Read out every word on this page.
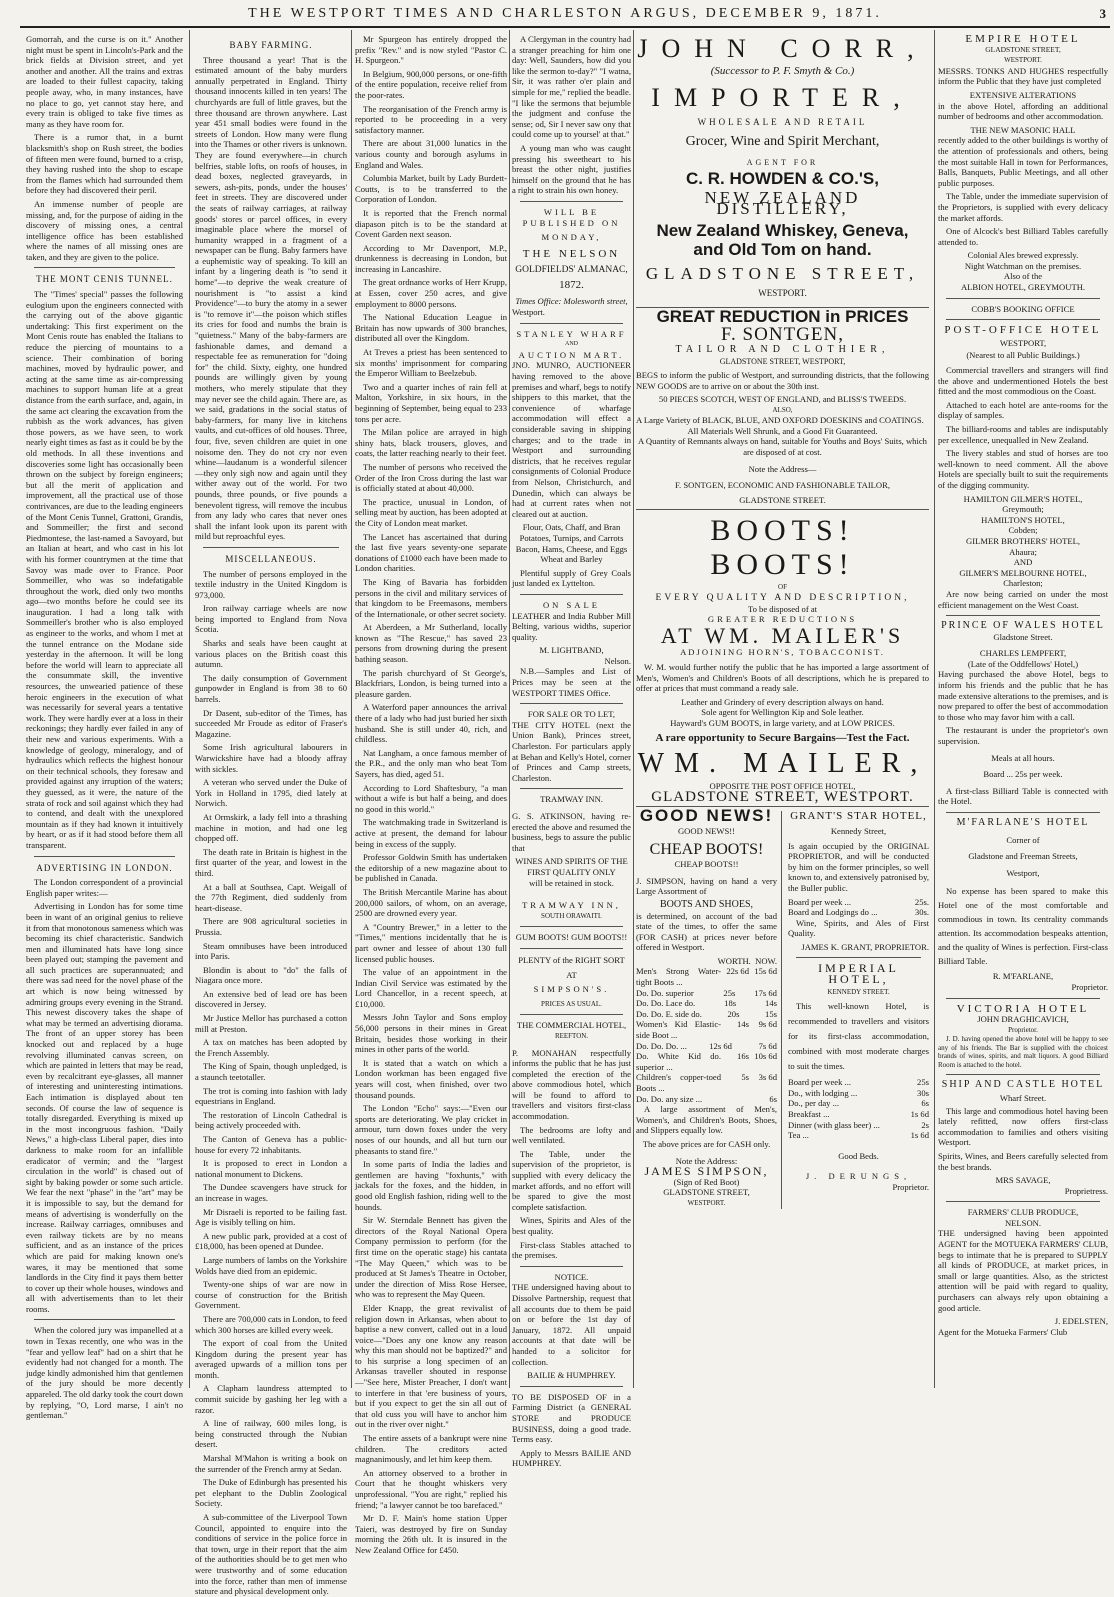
THE WESTPORT TIMES AND CHARLESTON ARGUS, DECEMBER 9, 1871.	3

Gomorrah, and the curse is on it." Another night must be spent in Lincoln's-Park and the brick fields at Division street, and yet another and another. All the trains and extras are loaded to their fullest capacity, taking people away, who, in many instances, have no place to go, yet cannot stay here, and every train is obliged to take five times as many as they have room for.

There is a rumor that, in a burnt blacksmith's shop on Rush street, the bodies of fifteen men were found, burned to a crisp, they having rushed into the shop to escape from the flames which had surrounded them before they had discovered their peril.

An immense number of people are missing, and, for the purpose of aiding in the discovery of missing ones, a central intelligence office has been established where the names of all missing ones are taken, and they are given to the police.

THE MONT CENIS TUNNEL.

The "Times' special" passes the following eulogium upon the engineers connected with the carrying out of the above gigantic undertaking: This first experiment on the Mont Cenis route has enabled the Italians to reduce the piercing of mountains to a science. Their combination of boring machines, moved by hydraulic power, and acting at the same time as air-compressing machines to support human life at a great distance from the earth surface, and, again, in the same act clearing the excavation from the rubbish as the work advances, has given those powers, as we have seen, to work nearly eight times as fast as it could be by the old methods. In all these inventions and discoveries some light has occasionally been thrown on the subject by foreign engineers; but all the merit of application and improvement, all the practical use of those contrivances, are due to the leading engineers of the Mont Cenis Tunnel, Grattoni, Grandis, and Sommeiller; the first and second Piedmontese, the last-named a Savoyard, but an Italian at heart, and who cast in his lot with his former countrymen at the time that Savoy was made over to France. Poor Sommeiller, who was so indefatigable throughout the work, died only two months ago—two months before he could see its inauguration. I had a long talk with Sommeiller's brother who is also employed as engineer to the works, and whom I met at the tunnel entrance on the Modane side yesterday in the afternoon. It will be long before the world will learn to appreciate all the consummate skill, the inventive resources, the unwearied patience of these heroic engineers in the execution of what was necessarily for several years a tentative work. They were hardly ever at a loss in their reckonings; they hardly ever failed in any of their new and various experiments. With a knowledge of geology, mineralogy, and of hydraulics which reflects the highest honour on their technical schools, they foresaw and provided against any irruption of the waters; they guessed, as it were, the nature of the strata of rock and soil against which they had to contend, and dealt with the unexplored mountain as if they had known it intuitively by heart, or as if it had stood before them all transparent.

ADVERTISING IN LONDON.

The London correspondent of a provincial English paper writes:—

Advertising in London has for some time been in want of an original genius to relieve it from that monotonous sameness which was becoming its chief characteristic. Sandwich men and illuminated hats have long since been played out; stamping the pavement and all such practices are superannuated; and there was sad need for the novel phase of the art which is now being witnessed by admiring groups every evening in the Strand. This newest discovery takes the shape of what may be termed an advertising diorama. The front of an upper storey has been knocked out and replaced by a huge revolving illuminated canvas screen, on which are painted in letters that may be read, even by recalcitrant eye-glasses, all manner of interesting and uninteresting intimations. Each intimation is displayed about ten seconds. Of course the law of sequence is totally disregarded. Everything is mixed up in the most incongruous fashion. "Daily News," a high-class Liberal paper, dies into darkness to make room for an infallible eradicator of vermin; and the "largest circulation in the world" is chased out of sight by baking powder or some such article. We fear the next "phase" in the "art" may be it is impossible to say, but the demand for means of advertising is wonderfully on the increase. Railway carriages, omnibuses and even railway tickets are by no means sufficient, and as an instance of the prices which are paid for making known one's wares, it may be mentioned that some landlords in the City find it pays them better to cover up their whole houses, windows and all with advertisements than to let their rooms.

When the colored jury was impanelled at a town in Texas recently, one who was in the "fear and yellow leaf" had on a shirt that he evidently had not changed for a month. The judge kindly admonished him that gentlemen of the jury should be more decently appareled. The old darky took the court down by replying, "O, Lord marse, I ain't no gentleman."

BABY FARMING.

Three thousand a year! That is the estimated amount of the baby murders annually perpetrated in England. Thirty thousand innocents killed in ten years! The churchyards are full of little graves, but the three thousand are thrown anywhere. Last year 451 small bodies were found in the streets of London. How many were flung into the Thames or other rivers is unknown. They are found everywhere—in church belfries, stable lofts, on roofs of houses, in dead boxes, neglected graveyards, in sewers, ash-pits, ponds, under the houses' feet in streets. They are discovered under the seats of railway carriages, at railway goods' stores or parcel offices, in every imaginable place where the morsel of humanity wrapped in a fragment of a newspaper can be flung. Baby farmers have a euphemistic way of speaking. To kill an infant by a lingering death is "to send it home"—to deprive the weak creature of nourishment is "to assist a kind Providence"—to bury the atomy in a sewer is "to remove it"—the poison which stifles its cries for food and numbs the brain is "quietness." Many of the baby-farmers are fashionable dames, and demand a respectable fee as remuneration for "doing for" the child. Sixty, eighty, one hundred pounds are willingly given by young mothers, who merely stipulate that they may never see the child again. There are, as we said, gradations in the social status of baby-farmers, for many live in kitchens vaults, and cut-offices of old houses. Three, four, five, seven children are quiet in one noisome den. They do not cry nor even whine—laudanum is a wonderful silencer—they only sigh now and again until they wither away out of the world. For two pounds, three pounds, or five pounds a benevolent tigress, will remove the incubus from any lady who cares that never ones shall the infant look upon its parent with mild but reproachful eyes.

MISCELLANEOUS.

The number of persons employed in the textile industry in the United Kingdom is 973,000.

Iron railway carriage wheels are now being imported to England from Nova Scotia.

Sharks and seals have been caught at various places on the British coast this autumn.

The daily consumption of Government gunpowder in England is from 38 to 60 barrels.

Dr Dasent, sub-editor of the Times, has succeeded Mr Froude as editor of Fraser's Magazine.

Some Irish agricultural labourers in Warwickshire have had a bloody affray with sickles.

A veteran who served under the Duke of York in Holland in 1795, died lately at Norwich.

At Ormskirk, a lady fell into a thrashing machine in motion, and had one leg chopped off.

The death rate in Britain is highest in the first quarter of the year, and lowest in the third.

At a ball at Southsea, Capt. Weigall of the 77th Regiment, died suddenly from heart-disease.

There are 908 agricultural societies in Prussia.

Steam omnibuses have been introduced into Paris.

Blondin is about to "do" the falls of Niagara once more.

An extensive bed of lead ore has been discovered in Jersey.

Mr Justice Mellor has purchased a cotton mill at Preston.

A tax on matches has been adopted by the French Assembly.

The King of Spain, though unpledged, is a staunch teetotaller.

The trot is coming into fashion with lady equestrians in England.

The restoration of Lincoln Cathedral is being actively proceeded with.

The Canton of Geneva has a public-house for every 72 inhabitants.

It is proposed to erect in London a national monument to Dickens.

The Dundee scavengers have struck for an increase in wages.

Mr Disraeli is reported to be failing fast. Age is visibly telling on him.

A new public park, provided at a cost of £18,000, has been opened at Dundee.

Large numbers of lambs on the Yorkshire Wolds have died from an epidemic.

Twenty-one ships of war are now in course of construction for the British Government.

There are 700,000 cats in London, to feed which 300 horses are killed every week.

The export of coal from the United Kingdom during the present year has averaged upwards of a million tons per month.

A Clapham laundress attempted to commit suicide by gashing her leg with a razor.

A line of railway, 600 miles long, is being constructed through the Nubian desert.

Marshal M'Mahon is writing a book on the surrender of the French army at Sedan.

The Duke of Edinburgh has presented his pet elephant to the Dublin Zoological Society.

A sub-committee of the Liverpool Town Council, appointed to enquire into the conditions of service in the police force in that town, urge in their report that the aim of the authorities should be to get men who were trustworthy and of some education into the force, rather than men of immense stature and physical development only.

Mr Spurgeon has entirely dropped the prefix "Rev." and is now styled "Pastor C. H. Spurgeon."

In Belgium, 900,000 persons, or one-fifth of the entire population, receive relief from the poor-rates.

The reorganisation of the French army is reported to be proceeding in a very satisfactory manner.

There are about 31,000 lunatics in the various county and borough asylums in England and Wales.

Columbia Market, built by Lady Burdett-Coutts, is to be transferred to the Corporation of London.

It is reported that the French normal diapason pitch is to be the standard at Covent Garden next season.

According to Mr Davenport, M.P., drunkenness is decreasing in London, but increasing in Lancashire.

The great ordnance works of Herr Krupp, at Essen, cover 250 acres, and give employment to 8000 persons.

The National Education League in Britain has now upwards of 300 branches, distributed all over the Kingdom.

At Treves a priest has been sentenced to six months' imprisonment for comparing the Emperor William to Beelzebub.

Two and a quarter inches of rain fell at Malton, Yorkshire, in six hours, in the beginning of September, being equal to 233 tons per acre.

The Milan police are arrayed in high shiny hats, black trousers, gloves, and coats, the latter reaching nearly to their feet.

The number of persons who received the Order of the Iron Cross during the last war is officially stated at about 40,000.

The practice, unusual in London, of selling meat by auction, has been adopted at the City of London meat market.

The Lancet has ascertained that during the last five years seventy-one separate donations of £1000 each have been made to London charities.

The King of Bavaria has forbidden persons in the civil and military services of that kingdom to be Freemasons, members of the Internationale, or other secret society.

At Aberdeen, a Mr Sutherland, locally known as "The Rescue," has saved 23 persons from drowning during the present bathing season.

The parish churchyard of St George's, Blackfriars, London, is being turned into a pleasure garden.

A Waterford paper announces the arrival there of a lady who had just buried her sixth husband. She is still under 40, rich, and childless.

Nat Langham, a once famous member of the P.R., and the only man who beat Tom Sayers, has died, aged 51.

According to Lord Shaftesbury, "a man without a wife is but half a being, and does no good in this world."

The watchmaking trade in Switzerland is active at present, the demand for labour being in excess of the supply.

Professor Goldwin Smith has undertaken the editorship of a new magazine about to be published in Canada.

The British Mercantile Marine has about 200,000 sailors, of whom, on an average, 2500 are drowned every year.

A "Country Brewer," in a letter to the "Times," mentions incidentally that he is part owner and lessee of about 130 full licensed public houses.

The value of an appointment in the Indian Civil Service was estimated by the Lord Chancellor, in a recent speech, at £10,000.

Messrs John Taylor and Sons employ 56,000 persons in their mines in Great Britain, besides those working in their mines in other parts of the world.

It is stated that a watch on which a London workman has been engaged five years will cost, when finished, over two thousand pounds.

The London "Echo" says:—"Even our sports are deteriorating. We play cricket in armour, turn down foxes under the very noses of our hounds, and all but turn our pheasants to stand fire."

In some parts of India the ladies and gentlemen are having "foxhunts," with jackals for the foxes, and the hidden, in good old English fashion, riding well to the hounds.

Sir W. Sterndale Bennett has given the directors of the Royal National Opera Company permission to perform (for the first time on the operatic stage) his cantata "The May Queen," which was to be produced at St James's Theatre in October, under the direction of Miss Rose Hersee, who was to represent the May Queen.

Elder Knapp, the great revivalist of religion down in Arkansas, when about to baptise a new convert, called out in a loud voice—"Does any one know any reason why this man should not be baptized?" and to his surprise a long specimen of an Arkansas traveller shouted in response—"See here, Mister Preacher, I don't want to interfere in that 'ere business of yours, but if you expect to get the sin all out of that old cuss you will have to anchor him out in the river over night."

The entire assets of a bankrupt were nine children. The creditors acted magnanimously, and let him keep them.

An attorney observed to a brother in Court that he thought whiskers very unprofessional. "You are right," replied his friend; "a lawyer cannot be too barefaced."

Mr D. F. Main's home station Upper Taieri, was destroyed by fire on Sunday morning the 26th ult. It is insured in the New Zealand Office for £450.

A Clergyman in the country had a stranger preaching for him one day: Well, Saunders, how did you like the sermon to-day?" "I watna, Sir, it was rather o'er plain and simple for me," replied the beadle. "I like the sermons that bejumble the judgment and confuse the sense; od, Sir I never saw ony that could come up to yoursel' at that."

A young man who was caught pressing his sweetheart to his breast the other night, justifies himself on the ground that he has a right to strain his own honey.

WILL BE PUBLISHED ON
MONDAY,
THE NELSON
GOLDFIELDS' ALMANAC,
1872.
Times Office: Molesworth street,
Westport.
STANLEY WHARF
AND
AUCTION MART.

JNO. MUNRO, AUCTIONEER having removed to the above premises and wharf, begs to notify shippers to this market, that the convenience of wharfage accommodation will effect a considerable saving in shipping charges; and to the trade in Westport and surrounding districts, that he receives regular consignments of Colonial Produce from Nelson, Christchurch, and Dunedin, which can always be had at current rates when not cleared out at auction.

Flour, Oats, Chaff, and Bran Potatoes, Turnips, and Carrots Bacon, Hams, Cheese, and Eggs Wheat and Barley

Plentiful supply of Grey Coals just landed ex Lyttelton.

ON SALE

LEATHER and India Rubber Mill Belting, various widths, superior quality.

M. LIGHTBAND,
Nelson.

N.B.—Samples and List of Prices may be seen at the WESTPORT TIMES Office.

FOR SALE OR TO LET,

THE CITY HOTEL (next the Union Bank), Princes street, Charleston. For particulars apply at Behan and Kelly's Hotel, corner of Princes and Camp streets, Charleston.

TRAMWAY INN.

G. S. ATKINSON, having re-erected the above and resumed the business, begs to assure the public that

WINES AND SPIRITS OF THE FIRST QUALITY ONLY
will be retained in stock.
TRAMWAY INN,
SOUTH ORAWAITI.
GUM BOOTS! GUM BOOTS!!
PLENTY of the RIGHT SORT
AT
SIMPSON'S.
PRICES AS USUAL.
THE COMMERCIAL HOTEL,
REEFTON.

P. MONAHAN respectfully informs the public that he has just completed the erection of the above commodious hotel, which will be found to afford to travellers and visitors first-class accommodation.

The bedrooms are lofty and well ventilated.

The Table, under the supervision of the proprietor, is supplied with every delicacy the market affords, and no effort will be spared to give the most complete satisfaction.

Wines, Spirits and Ales of the best quality.

First-class Stables attached to the premises.

NOTICE.

THE undersigned having about to Dissolve Partnership, request that all accounts due to them be paid on or before the 1st day of January, 1872. All unpaid accounts at that date will be handed to a solicitor for collection.

BAILIE & HUMPHREY.

TO BE DISPOSED OF in a Farming District (a GENERAL STORE and PRODUCE BUSINESS, doing a good trade. Terms easy.

Apply to Messrs BAILIE AND HUMPHREY.

JOHN CORR,
(Successor to P. F. Smyth & Co.)
IMPORTER,
WHOLESALE AND RETAIL
Grocer, Wine and Spirit Merchant,
AGENT FOR
C. R. HOWDEN & CO.'S,
NEW ZEALAND DISTILLERY,
New Zealand Whiskey, Geneva,
and Old Tom on hand.
GLADSTONE STREET,
WESTPORT.
GREAT REDUCTION in PRICES
F. SONTGEN,
TAILOR AND CLOTHIER,
GLADSTONE STREET, WESTPORT,

BEGS to inform the public of Westport, and surrounding districts, that the following NEW GOODS are to arrive on or about the 30th inst.

50 PIECES SCOTCH, WEST OF ENGLAND, and BLISS'S TWEEDS.
ALSO,
A Large Variety of BLACK, BLUE, AND OXFORD DOESKINS and COATINGS.
All Materials Well Shrunk, and a Good Fit Guaranteed.
A Quantity of Remnants always on hand, suitable for Youths and Boys' Suits, which are disposed of at cost.
Note the Address—
F. SONTGEN, ECONOMIC AND FASHIONABLE TAILOR,
GLADSTONE STREET.
BOOTS! BOOTS!
OF
EVERY QUALITY AND DESCRIPTION,
To be disposed of at
GREATER REDUCTIONS
AT WM. MAILER'S
ADJOINING HORN'S, TOBACCONIST.

W. M. would further notify the public that he has imported a large assortment of Men's, Women's and Children's Boots of all descriptions, which he is prepared to offer at prices that must command a ready sale.

Leather and Grindery of every description always on hand.
Sole agent for Wellington Kip and Sole leather.
Hayward's GUM BOOTS, in large variety, and at LOW PRICES.
A rare opportunity to Secure Bargains—Test the Fact.
WM. MAILER,
OPPOSITE THE POST OFFICE HOTEL,
GLADSTONE STREET, WESTPORT.
GOOD NEWS!
GOOD NEWS!!
CHEAP BOOTS!
CHEAP BOOTS!!

J. SIMPSON, having on hand a very Large Assortment of

BOOTS AND SHOES,

is determined, on account of the bad state of the times, to offer the same (FOR CASH) at prices never before offered in Westport.

WORTH. NOW.
Men's Strong Water-tight Boots ...
22s 6d 15s 6d
Do. Do. superior	25s	17s 6d
Do. Do. Lace do.	18s	14s
Do. Do. E. side do.	20s	15s
Women's Kid Elastic-side Boot ...
14s	9s 6d
Do. Do. Do. ...	12s 6d	7s 6d
Do. White Kid do. superior ...
16s 10s 6d
Children's copper-toed Boots ...
5s	3s 6d
Do. Do. any size ...	6s

A large assortment of Men's, Women's, and Children's Boots, Shoes, and Slippers equally low.

The above prices are for CASH only.
Note the Address:
JAMES SIMPSON,
(Sign of Red Boot)
GLADSTONE STREET,
WESTPORT.
GRANT'S STAR HOTEL,
Kennedy Street,

Is again occupied by the ORIGINAL PROPRIETOR, and will be conducted by him on the former principles, so well known to, and extensively patronised by, the Buller public.

Board per week ...	25s.
Board and Lodgings do ...	30s.

Wine, Spirits, and Ales of First Quality.

JAMES K. GRANT, PROPRIETOR.
IMPERIAL HOTEL,
KENNEDY STREET.

This well-known Hotel, is recommended to travellers and visitors for its first-class accommodation, combined with most moderate charges to suit the times.

Board per week ...	25s
Do., with lodging ...	30s
Do., per day ...	6s
Breakfast ...	1s 6d
Dinner (with glass beer) ...	2s
Tea ...	1s 6d
Good Beds.
J. DERUNGS,
Proprietor.
EMPIRE HOTEL
GLADSTONE STREET,
WESTPORT.

MESSRS. TONKS AND HUGHES respectfully inform the Public that they have just completed

EXTENSIVE ALTERATIONS

in the above Hotel, affording an additional number of bedrooms and other accommodation.

THE NEW MASONIC HALL

recently added to the other buildings is worthy of the attention of professionals and others, being the most suitable Hall in town for Performances, Balls, Banquets, Public Meetings, and all other public purposes.

The Table, under the immediate supervision of the Proprietors, is supplied with every delicacy the market affords.

One of Alcock's best Billiard Tables carefully attended to.

Colonial Ales brewed expressly.
Night Watchman on the premises.
Also of the
ALBION HOTEL, GREYMOUTH.
COBB'S BOOKING OFFICE
POST-OFFICE HOTEL
WESTPORT,
(Nearest to all Public Buildings.)

Commercial travellers and strangers will find the above and undermentioned Hotels the best fitted and the most commodious on the Coast.

Attached to each hotel are ante-rooms for the display of samples.

The billiard-rooms and tables are indisputably per excellence, unequalled in New Zealand.

The livery stables and stud of horses are too well-known to need comment. All the above Hotels are specially built to suit the requirements of the digging community.

HAMILTON GILMER'S HOTEL,
Greymouth;
HAMILTON'S HOTEL,
Cobden;
GILMER BROTHERS' HOTEL,
Ahaura;
AND
GILMER'S MELBOURNE HOTEL,
Charleston;

Are now being carried on under the most efficient management on the West Coast.

PRINCE OF WALES HOTEL
Gladstone Street.
CHARLES LEMPFERT,
(Late of the Oddfellows' Hotel,)

Having purchased the above Hotel, begs to inform his friends and the public that he has made extensive alterations to the premises, and is now prepared to offer the best of accommodation to those who may favor him with a call.

The restaurant is under the proprietor's own supervision.

Meals at all hours.
Board ... 25s per week.

A first-class Billiard Table is connected with the Hotel.

M'FARLANE'S HOTEL
Corner of
Gladstone and Freeman Streets,
Westport,

No expense has been spared to make this Hotel one of the most comfortable and commodious in town. Its centrality commands attention. Its accommodation bespeaks attention, and the quality of Wines is perfection. First-class Billiard Table.

R. M'FARLANE,
Proprietor.
VICTORIA HOTEL
JOHN DRAGHICAVICH,
Proprietor.

J. D. having opened the above hotel will be happy to see any of his friends. The Bar is supplied with the choicest brands of wines, spirits, and malt liquors. A good Billiard Room is attached to the hotel.

SHIP AND CASTLE HOTEL
Wharf Street.

This large and commodious hotel having been lately refitted, now offers first-class accommodation to families and others visiting Westport.

Spirits, Wines, and Beers carefully selected from the best brands.

MRS SAVAGE,
Proprietress.
FARMERS' CLUB PRODUCE,
NELSON.

THE undersigned having been appointed AGENT for the MOTUEKA FARMERS' CLUB, begs to intimate that he is prepared to SUPPLY all kinds of PRODUCE, at market prices, in small or large quantities. Also, as the strictest attention will be paid with regard to quality, purchasers can always rely upon obtaining a good article.

J. EDELSTEN,
Agent for the Motueka Farmers' Club
